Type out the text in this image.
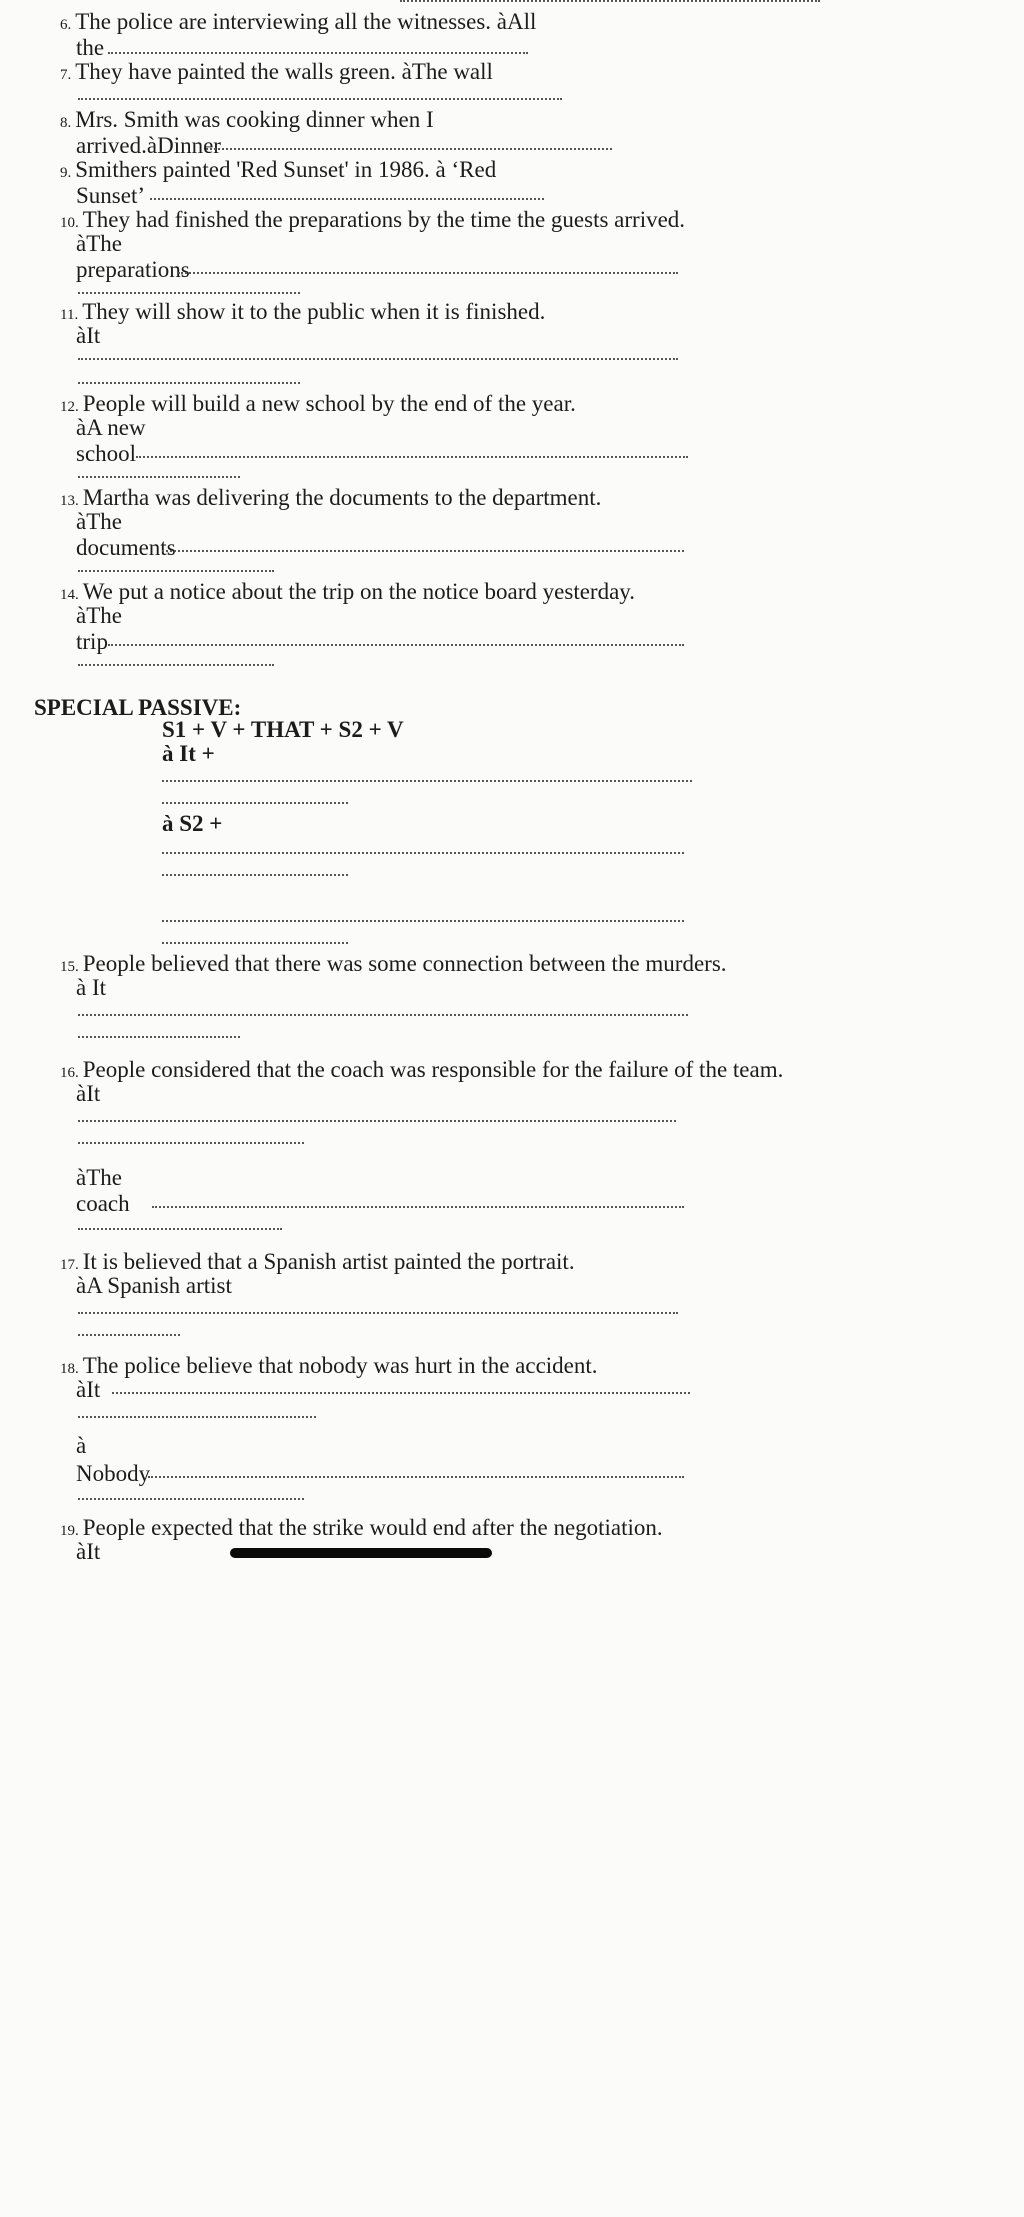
6. The police are interviewing all the witnesses. àAll
the
7. They have painted the walls green. àThe wall
8. Mrs. Smith was cooking dinner when I
arrived.àDinner
9. Smithers painted 'Red Sunset' in 1986. à ‘Red
Sunset’
10. They had finished the preparations by the time the guests arrived.
àThe
preparations
11. They will show it to the public when it is finished.
àIt
12. People will build a new school by the end of the year.
àA new
school
13. Martha was delivering the documents to the department.
àThe
documents
14. We put a notice about the trip on the notice board yesterday.
àThe
trip
SPECIAL PASSIVE:
S1 + V + THAT + S2 + V
à It +
à S2 +
15. People believed that there was some connection between the murders.
à It
16. People considered that the coach was responsible for the failure of the team.
àIt
àThe
coach
17. It is believed that a Spanish artist painted the portrait.
àA Spanish artist
18. The police believe that nobody was hurt in the accident.
àIt
à
Nobody
19. People expected that the strike would end after the negotiation.
àIt
